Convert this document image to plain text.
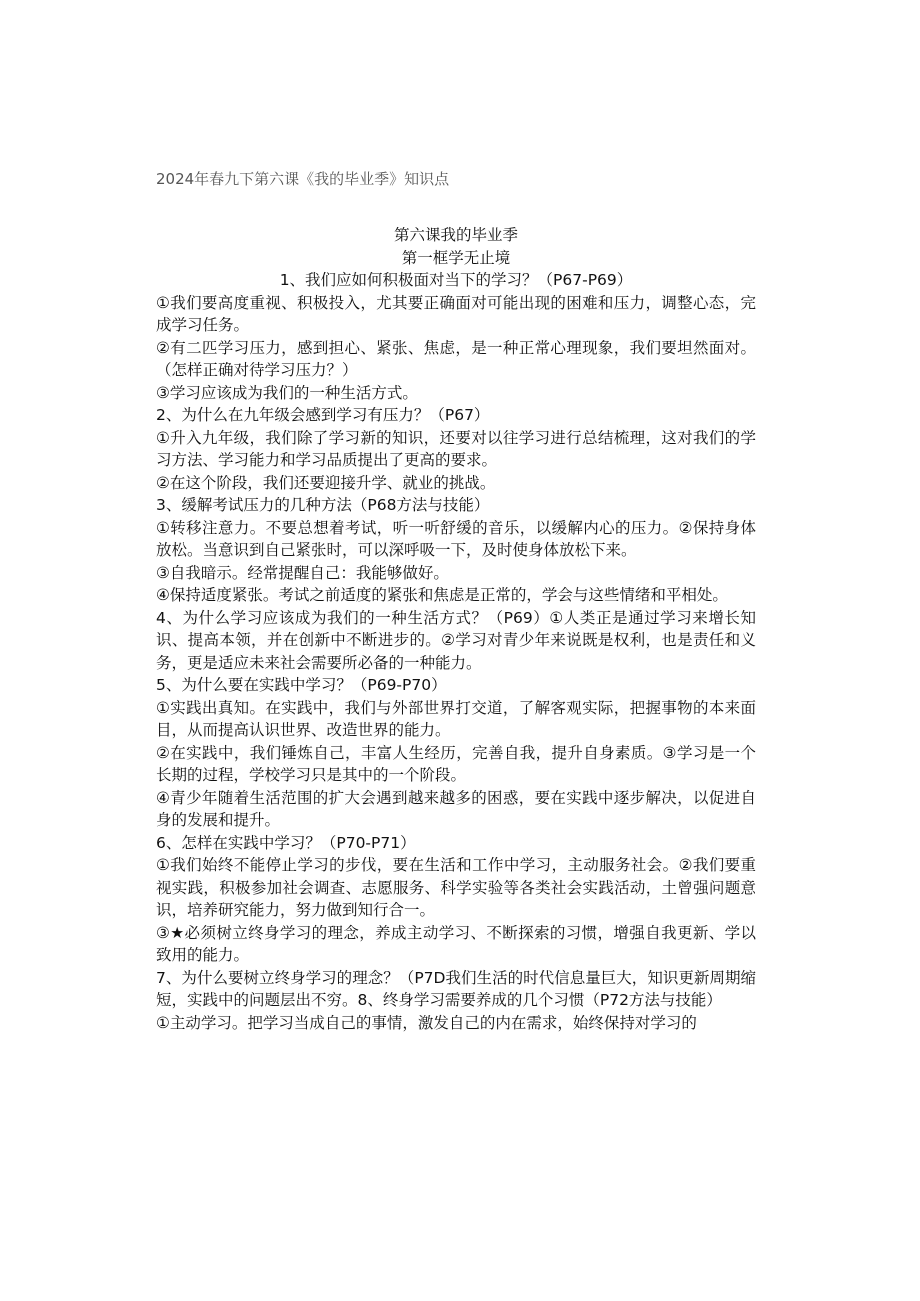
2024年春九下第六课《我的毕业季》知识点
第六课我的毕业季
第一框学无止境
1、我们应如何积极面对当下的学习？（P67-P69）

①我们要高度重视、积极投入，尤其要正确面对可能出现的困难和压力，调整心态，完成学习任务。

②有二匹学习压力，感到担心、紧张、焦虑，是一种正常心理现象，我们要坦然面对。（怎样正确对待学习压力？）

③学习应该成为我们的一种生活方式。

2、为什么在九年级会感到学习有压力？（P67）

①升入九年级，我们除了学习新的知识，还要对以往学习进行总结梳理，这对我们的学习方法、学习能力和学习品质提出了更高的要求。

②在这个阶段，我们还要迎接升学、就业的挑战。

3、缓解考试压力的几种方法（P68方法与技能）

①转移注意力。不要总想着考试，听一听舒缓的音乐，以缓解内心的压力。②保持身体放松。当意识到自己紧张时，可以深呼吸一下，及时使身体放松下来。

③自我暗示。经常提醒自己：我能够做好。

④保持适度紧张。考试之前适度的紧张和焦虑是正常的，学会与这些情绪和平相处。

4、为什么学习应该成为我们的一种生活方式？（P69）①人类正是通过学习来增长知识、提高本领，并在创新中不断进步的。②学习对青少年来说既是权利，也是责任和义务，更是适应未来社会需要所必备的一种能力。

5、为什么要在实践中学习？（P69-P70）

①实践出真知。在实践中，我们与外部世界打交道，了解客观实际，把握事物的本来面目，从而提高认识世界、改造世界的能力。

②在实践中，我们锤炼自己，丰富人生经历，完善自我，提升自身素质。③学习是一个长期的过程，学校学习只是其中的一个阶段。

④青少年随着生活范围的扩大会遇到越来越多的困惑，要在实践中逐步解决，以促进自身的发展和提升。

6、怎样在实践中学习？（P70-P71）

①我们始终不能停止学习的步伐，要在生活和工作中学习，主动服务社会。②我们要重视实践，积极参加社会调查、志愿服务、科学实验等各类社会实践活动，土曾强问题意识，培养研究能力，努力做到知行合一。

③★必须树立终身学习的理念，养成主动学习、不断探索的习惯，增强自我更新、学以致用的能力。

7、为什么要树立终身学习的理念？（P7D我们生活的时代信息量巨大，知识更新周期缩短，实践中的问题层出不穷。8、终身学习需要养成的几个习惯（P72方法与技能）

①主动学习。把学习当成自己的事情，激发自己的内在需求，始终保持对学习的
